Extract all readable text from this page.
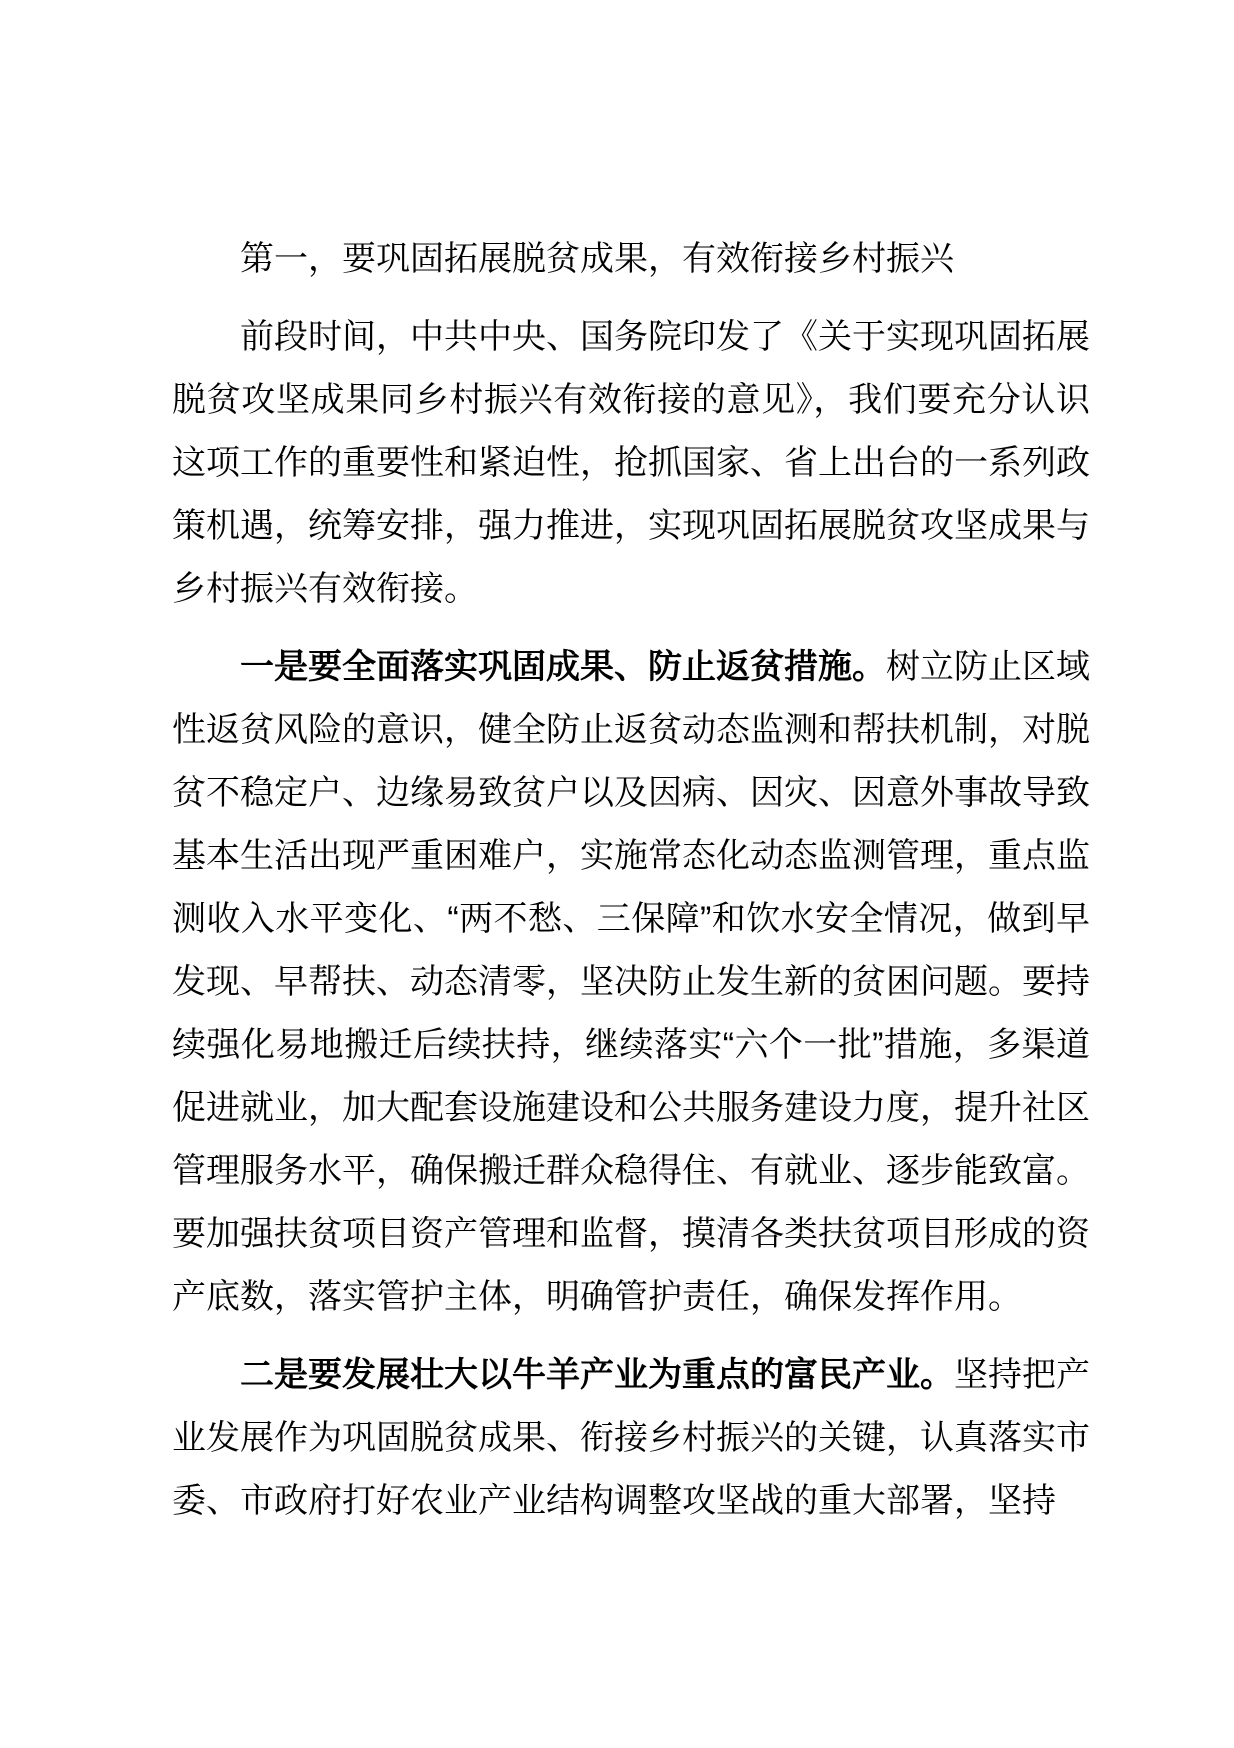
第一，要巩固拓展脱贫成果，有效衔接乡村振兴

前段时间，中共中央、国务院印发了《关于实现巩固拓展脱贫攻坚成果同乡村振兴有效衔接的意见》，我们要充分认识这项工作的重要性和紧迫性，抢抓国家、省上出台的一系列政策机遇，统筹安排，强力推进，实现巩固拓展脱贫攻坚成果与乡村振兴有效衔接。

一是要全面落实巩固成果、防止返贫措施。树立防止区域性返贫风险的意识，健全防止返贫动态监测和帮扶机制，对脱贫不稳定户、边缘易致贫户以及因病、因灾、因意外事故导致基本生活出现严重困难户，实施常态化动态监测管理，重点监测收入水平变化、“两不愁、三保障”和饮水安全情况，做到早发现、早帮扶、动态清零，坚决防止发生新的贫困问题。要持续强化易地搬迁后续扶持，继续落实“六个一批”措施，多渠道促进就业，加大配套设施建设和公共服务建设力度，提升社区管理服务水平，确保搬迁群众稳得住、有就业、逐步能致富。要加强扶贫项目资产管理和监督，摸清各类扶贫项目形成的资产底数，落实管护主体，明确管护责任，确保发挥作用。

二是要发展壮大以牛羊产业为重点的富民产业。坚持把产业发展作为巩固脱贫成果、衔接乡村振兴的关键，认真落实市委、市政府打好农业产业结构调整攻坚战的重大部署，坚持
